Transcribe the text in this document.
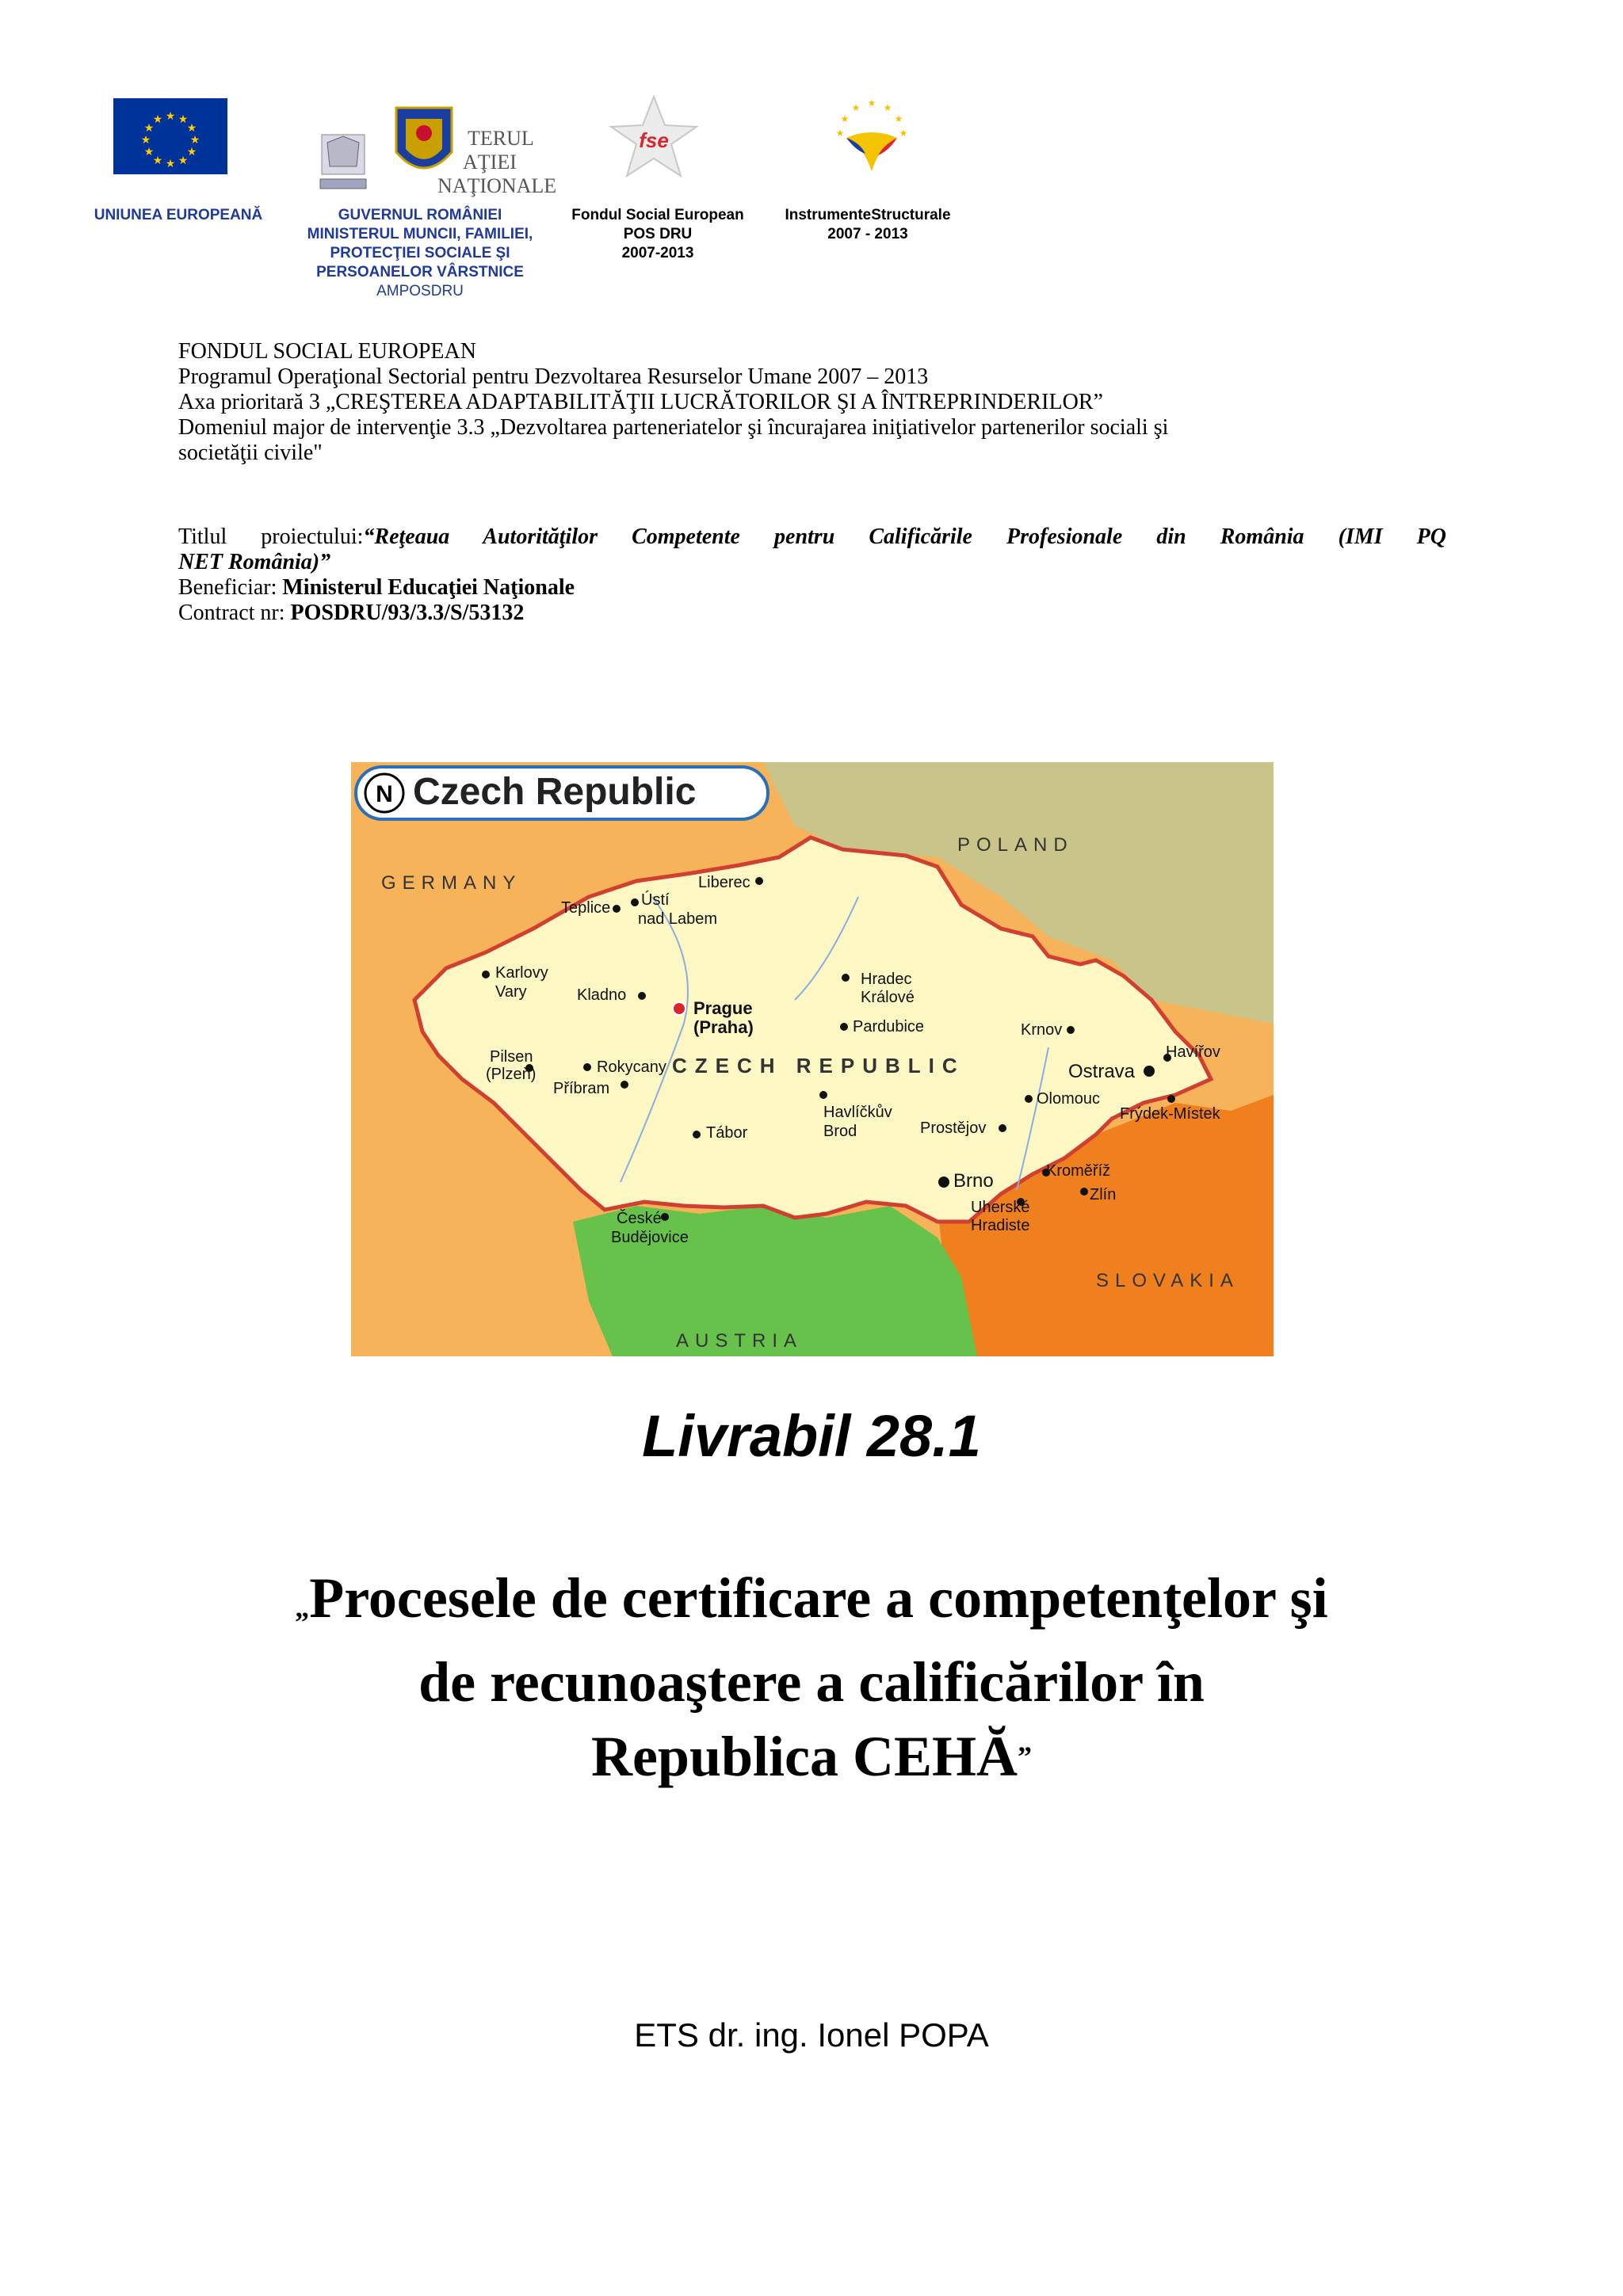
★ ★
★
★
★
★
★
★
★
★
★
★
UNIUNEA EUROPEANĂ
TERUL
AŢIEI
NAŢIONALE
GUVERNUL ROMÂNIEI
MINISTERUL MUNCII, FAMILIEI,
PROTECŢIEI SOCIALE ŞI
PERSOANELOR VÂRSTNICE
AMPOSDRU
fse
Fondul Social European
POS DRU
2007-2013
★ ★
★
★
★
★
★
InstrumenteStructurale
2007 - 2013
FONDUL SOCIAL EUROPEAN
Programul Operaţional Sectorial pentru Dezvoltarea Resurselor Umane 2007 – 2013
Axa prioritară 3 „CREŞTEREA ADAPTABILITĂŢII LUCRĂTORILOR ŞI A ÎNTREPRINDERILOR”
Domeniul major de intervenţie 3.3 „Dezvoltarea parteneriatelor şi încurajarea iniţiativelor partenerilor sociali şi
societăţii civile"
Titlul proiectului:“Reţeaua Autorităţilor Competente pentru Calificările Profesionale din România (IMI PQ
NET România)”
Beneficiar: Ministerul Educaţiei Naţionale
Contract nr: POSDRU/93/3.3/S/53132
N Czech Republic
POLAND
GERMANY
SLOVAKIA
AUSTRIA
CZECH REPUBLIC
Liberec
Teplice Ústí
nad Labem
Karlovy
Vary	Kladno
Prague
(Praha)
Hradec
Králové
Pardubice	Krnov
Havířov
Ostrava
Pilsen
(Plzeň)	Rokycany
Příbram
Olomouc
Frýdek-Místek
Havlíčkův
Brod
Tábor	Prostějov
Brno	Kroměříž
Zlín
Uherské
Hradiste
České
Budějovice
Livrabil 28.1
„Procesele de certificare a competenţelor şi
de recunoaştere a calificărilor în
Republica CEHĂ”
ETS dr. ing. Ionel POPA
